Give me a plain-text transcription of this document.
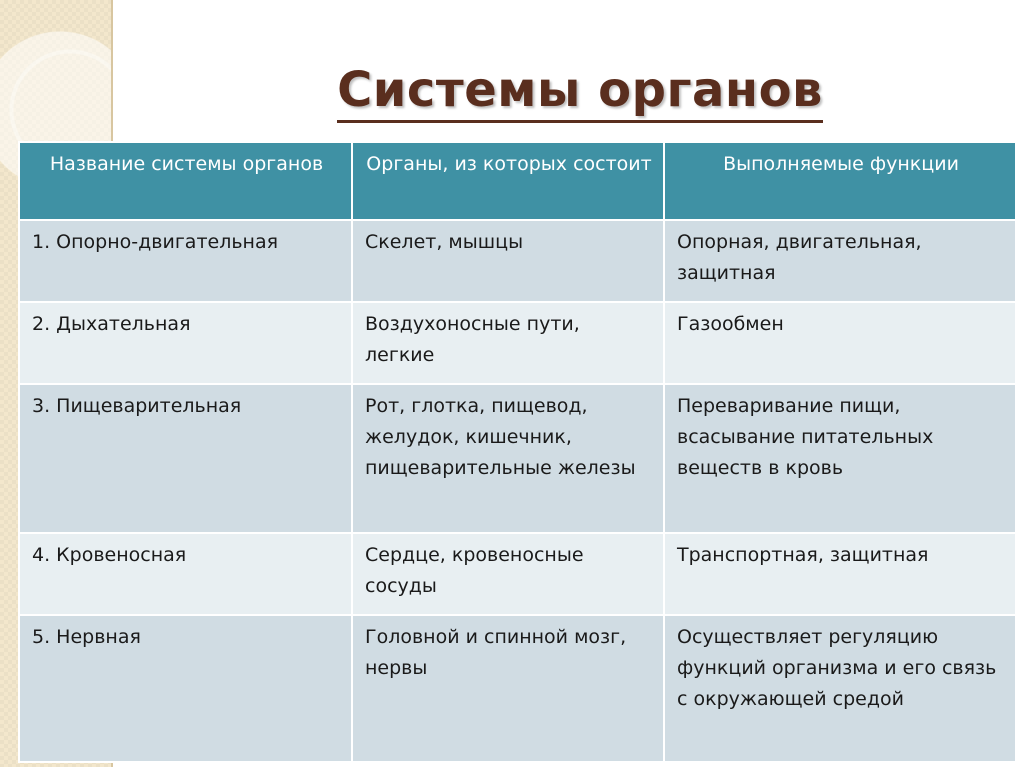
Системы органов
Название системы органов	Органы, из которых состоит	Выполняемые функции
1. Опорно-двигательная	Скелет, мышцы	Опорная, двигательная, защитная
2. Дыхательная	Воздухоносные пути, легкие	Газообмен
3. Пищеварительная	Рот, глотка, пищевод, желудок, кишечник, пищеварительные железы	Переваривание пищи, всасывание питательных веществ в кровь
4. Кровеносная	Сердце, кровеносные сосуды	Транспортная, защитная
5. Нервная	Головной и спинной мозг, нервы	Осуществляет регуляцию функций организма и его связь с окружающей средой
